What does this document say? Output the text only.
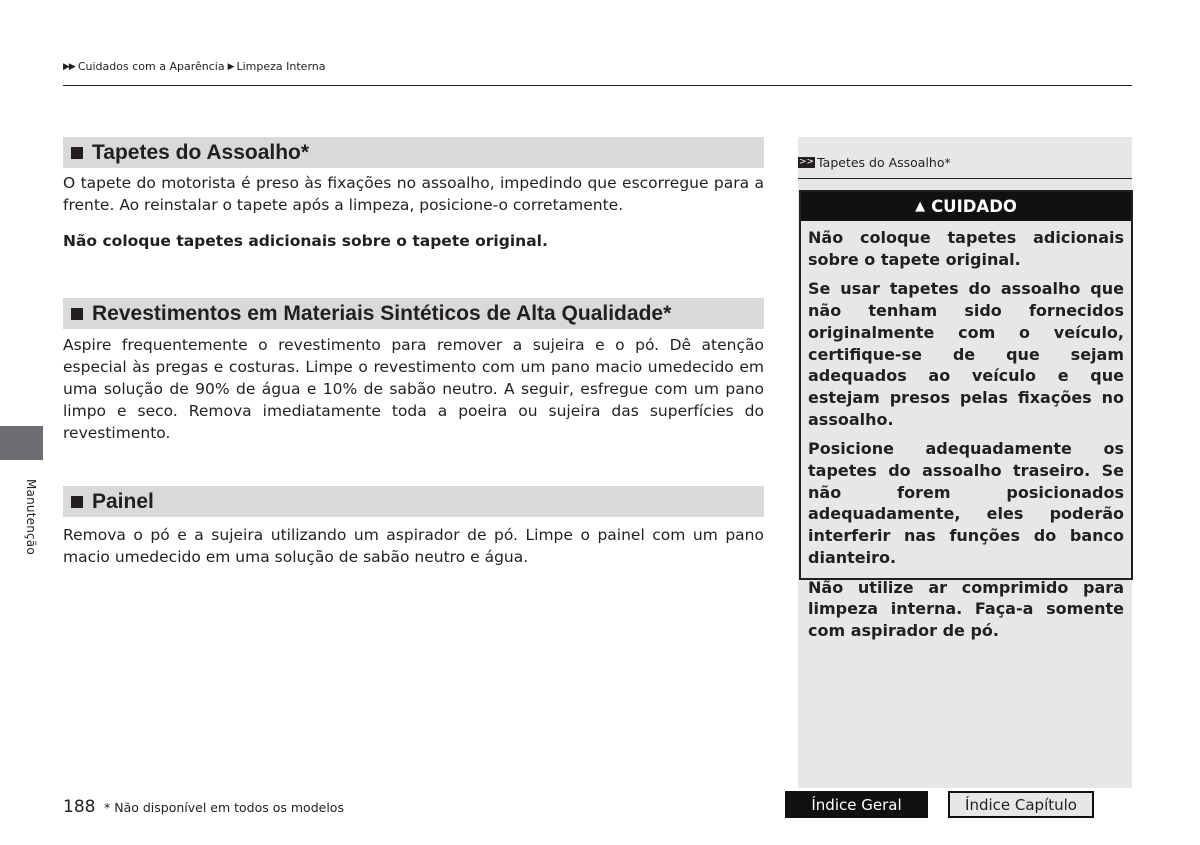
▶▶ Cuidados com a Aparência ▶ Limpeza Interna
Manutenção
Tapetes do Assoalho*

O tapete do motorista é preso às fixações no assoalho, impedindo que escorregue para a frente. Ao reinstalar o tapete após a limpeza, posicione-o corretamente.

Não coloque tapetes adicionais sobre o tapete original.

Revestimentos em Materiais Sintéticos de Alta Qualidade*

Aspire frequentemente o revestimento para remover a sujeira e o pó. Dê atenção especial às pregas e costuras. Limpe o revestimento com um pano macio umedecido em uma solução de 90% de água e 10% de sabão neutro. A seguir, esfregue com um pano limpo e seco. Remova imediatamente toda a poeira ou sujeira das superfícies do revestimento.

Painel

Remova o pó e a sujeira utilizando um aspirador de pó. Limpe o painel com um pano macio umedecido em uma solução de sabão neutro e água.

>> Tapetes do Assoalho*
▲ CUIDADO

Não coloque tapetes adicionais sobre o tapete original.

Se usar tapetes do assoalho que não tenham sido fornecidos originalmente com o veículo, certifique-se de que sejam adequados ao veículo e que estejam presos pelas fixações no assoalho.

Posicione adequadamente os tapetes do assoalho traseiro. Se não forem posicionados adequadamente, eles poderão interferir nas funções do banco dianteiro.

Não utilize ar comprimido para limpeza interna. Faça-a somente com aspirador de pó.

188 * Não disponível em todos os modelos	Índice Geral	Índice Capítulo
